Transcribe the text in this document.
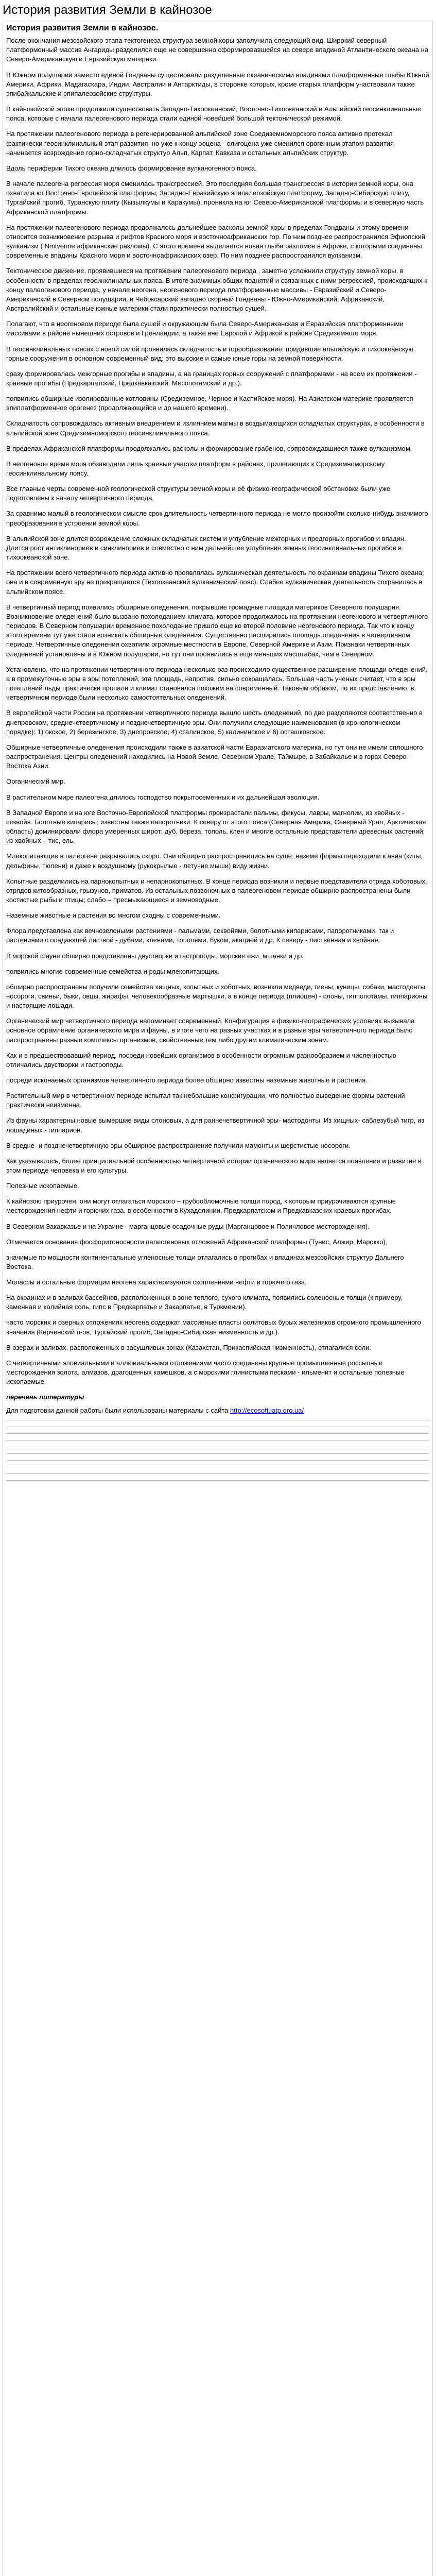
История развития Земли в кайнозое
История развития Земли в кайнозое.

После окончания мезозойского этапа тектогенеза структура земной коры заполучила следующий вид. Широкий северный платформенный массив Ангариды разделился еще не совершенно сформировавшейся на севере впадиной Атлантического океана на Северо-Американскую и Евразийскую материки.

В Южном полушарии заместо единой Гондваны существовали разделенные океаническими впадинами платформенные глыбы Южной Америки, Африки, Мадагаскара, Индии, Австралии и Антарктиды, в сторонке которых, кроме старых платформ участвовали также эпибайкальские и эпипалеозойские структуры.

В кайнозойской эпохе продолжили существовать Западно-Тихоокеанский, Восточно-Тихоокеанский и Альпийский геосинклинальные пояса, которые с начала палеогенового периода стали единой новейшей большой тектонической режимой.

На протяжении палеогенового периода в регенерированной альпийской зоне Средиземноморского пояса активно протекал фактически геосинклинальный этап развития, но уже к концу эоцена - олигоцена уже сменился орогенным этапом развития – начинается возрождение горно-складчатых структур Альп, Карпат, Кавказа и остальных альпийских структур.

Вдоль периферии Тихого океана длилось формирование вулканогенного пояса.

В начале палеогена регрессия моря сменилась трансгрессией. Это последняя большая трансгрессия в истории земной коры, она охватила юг Восточно-Европейской платформы, Западно-Евразийскую эпипалеозойскую платформу, Западно-Сибирскую плиту, Тургайский прогиб, Туранскую плиту (Кызылкумы и Каракумы), проникла на юг Северо-Американской платформы и в северную часть Африканской платформы.

На протяжении палеогенового периода продолжалось дальнейшее расколы земной коры в пределах Гондваны и этому времени относится возникновение разрыва и рифтов Красного моря и восточноафриканских гор. По ним позднее распространился Эфиопский вулканизм ( Nmtvenne африканские разломы). С этого времени выделяется новая глыба разломов в Африке, с которыми соединены современные впадины Красного моря и восточноафриканских озер. По ним позднее распространился вулканизм.

Тектоническое движение, проявившиеся на протяжении палеогенового периода , заметно усложнили структуру земной коры, в особенности в пределах геосинклинальных пояса. В итоге значимых общих поднятий и связанных с ними регрессией, происходящих к концу палеогенового периода, у начале неогена, неогенового периода платформенные массивы - Евразийский и Северо-Американский в Северном полушарии, и Чебоксарский западно скорный Гондваны - Южно-Американский, Африканский, Австралийский и остальные южные материки стали практически полностью сушей.

Полагают, что в неогеновом периоде была сушей и окружающим была Северо-Американская и Евразийская платформенными массивами в районе нынешних островов и Гренландии, а также вне Европой и Африкой в районе Средиземного моря.

В геосинклинальных поясах с новой силой проявилась складчатость и горообразование, придавшие альпийскую и тихоокеанскую горные сооружения в основном современный вид; это высокие и самые юные горы на земной поверхности.

сразу формировалась межгорные прогибы и впадины, а на границах горных сооружений с платформами - на всем их протяжении - краевые прогибы (Предкарпатский, Предкавказский, Месопотамский и др.).

появились обширные изолированные котловины (Средиземное, Черное и Каспийское моря). На Азиатском материке проявляется эпиплатформенное орогенез (продолжающийся и до нашего времени).

Складчатость сопровождалась активным внедрением и излиянием магмы в воздымающихся складчатых структурах, в особенности в альпийской зоне Средиземноморского геосинклинального пояса.

В пределах Африканской платформы продолжались расколы и формирование грабенов, сопровождавшиеся также вулканизмом.

В неогеновое время моря обзаводили лишь краевые участки платформ в районах, прилегающих к Средиземноморскому геосинклинальному поясу.

Все главные черты современной геологической структуры земной коры и её физико-географической обстановки были уже подготовлены к началу четвертичного периода.

За сравнимо малый в геологическом смысле срок длительность четвертичного периода не могло произойти сколько-нибудь значимого преобразования в устроении земной коры.

В альпийской зоне длится возрождение сложных складчатых систем и углубление межгорных и предгорных прогибов и впадин. Длится рост антиклинориев и синклинориев и совместно с ним дальнейшее углубление земных геосинклинальных прогибов в тихоокеанской зоне.

На протяжении всего четвертичного периода активно проявлялась вулканическая деятельность по окраинам впадины Тихого океана; она и в современную эру не прекращается (Тихоокеанский вулканический пояс). Слабее вулканическая деятельность сохранилась в альпийском поясе.

В четвертичный период появились обширные оледенения, покрывшие громадные площади материков Северного полушария. Возникновение оледенений было вызвано похолоданием климата, которое продолжалось на протяжении неогенового и четвертичного периодов. В Северном полушарии временное похолодание пришло еще ко второй половине неогенового периода. Так что к концу этого времени тут уже стали возникать обширные оледенения. Существенно расширились площадь оледенения в четвертичном периоде. Четвертичные оледенения охватили огромные местности в Европе, Северной Америке и Азии. Признаки четвертичных оледенений установлены и в Южном полушарии, но тут они проявились в еще меньших масштабах, чем в Северном.

Установлено, что на протяжении четвертичного периода несколько раз происходило существенное расширение площади оледенений, а в промежуточные эры в эры потеплений, эта площадь, напротив, сильно сокращалась. Большая часть ученых считает, что в эры потеплений льды практически пропали и климат становился похожим на современный. Таковым образом, по их представлению, в четвертичном периоде были несколько самостоятельных оледенений.

В европейской части России на протяжении четвертичного периода вышло шесть оледенений, по две разделяются соответственно в днепровском, среднечетвертичному и позднечетвертичную эры. Они получили следующие наименования (в хронологическом порядке): 1) окское, 2) березинское, 3) днепровское, 4) сталинское, 5) калининское и 6) осташковское.

Обширные четвертичные оледенения происходили также в азиатской части Евразиатского материка, но тут они не имели сплошного распространения. Центры оледенений находились на Новой Земле, Северном Урале, Таймыре, в Забайкалье и в горах Северо-Востока Азии.

Органический мир.

В растительном мире палеогена длилось господство покрытосеменных и их дальнейшая эволюция.

В Западной Европе и на юге Восточно-Европейской платформы произрастали пальмы, фикусы, лавры, магнолии, из хвойных - секвойя. Болотные кипарисы; известны также папоротники. К северу от этого пояса (Северная Америка, Северный Урал, Арктическая область) доминировали флора умеренных широт: дуб, береза, тополь, клен и многие остальные представители древесных растений; из хвойных – тис, ель.

Млекопитающие в палеогене разрывались скоро. Они обширно распространились на суше; наземе формы переходили к авиа (киты, дельфины, тюлени) и даже к воздушному (рукокрылые - летучие мыши) виду жизни.

Копытные разделились на парнокопытных и непарнокопытных. В конце периода возникли и первые представители отряда хоботовых, отрядов китообразных, грызунов, приматов. Из остальных позвоночных в палеогеновом периоде обширно распространены были костистые рыбы и птицы; слабо – пресмыкающиеся и земноводные.

Наземные животные и растения во многом сходны с современными.

Флора представлена как вечнозелеными растениями - пальмами, секвойями, болотными кипарисами, папоротниками, так и растениями с опадающей листвой - дубами, кленами, тополями, буком, акацией и др. К северу - лиственная и хвойная.

В морской фауне обширно представлены двустворки и гастроподы, морские ежи, мшанки и др.

появились многие современные семейства и роды млекопитающих.

обширно распространены получили семейства хищных, копытных и хоботных, возникли медведи, гиены, куницы, собаки, мастодонты, носороги, свиньи, быки, овцы, жирафы, человекообразные мартышки, а в конце периода (плиоцен) - слоны, гиппопотамы, гиппарионы и настоящие лошади.

Органический мир четвертичного периода напоминает современный. Конфигурация в физико-географических условиях вызывала основное обрамление органического мира и фауны, в итоге чего на разных участках и в разные эры четвертичного периода было распространены разные комплексы организмов, свойственные тем либо другим климатическим зонам.

Как и в предшествовавший период, посреди новейших организмов в особенности огромным разнообразием и численностью отличались двустворки и гастроподы.

посреди исконаемых организмов четвертичного периода более обширно известны наземные животные и растения.

Растительный мир в четвертичном периоде испытал так небольшие конфигурации, что полностью выведение формы растений практически неизменна.

Из фауны характерны новые вымершие виды слоновых, а для раннечетвертичной эры- мастодонты. Из хищных- саблезубый тигр, из лошадиных - гиппарион.

В средне- и позднечетвертичную эры обширное распространение получили мамонты и шерстистые носороги.

Как указывалось, более принципиальной особенностью четвертичной истории органического мира является появление и развитие в этом периоде человека и его культуры.

Полезные ископаемые.

К кайнозою приурочен, они могут отлагаться морского – грубообломочные толщи пород, к которым приурочиваются крупные месторождения нефти и горючих газа, в особенности в Кухадолинии, Предкарпатском и Предкавказских краевых прогибах.

В Северном Закавказье и на Украине - марганцовые осадочные руды (Марганцовое и Поличловое месторождения).

Отмечается основания фосфоритоносности палеогеновых отложений Африканской платформы (Тунис, Алжир, Марокко).

значимые по мощности континентальные угленосные толщи отлагались в прогибах и впадинах мезозойских структур Дальнего Востока.

Молассы и остальные формации неогена характеризуются скоплениями нефти и горючего газа.

На окраинах и в заливах бассейнов, расположенных в зоне теплого, сухого климата, появились соленосные толщи (к примеру, каменная и калийная соль, гипс в Предкарпатье и Закарпатье, в Туркмении).

часто морских и озерных отложениях неогена содержат массивные пласты оолитовых бурых железняков огромного промышленного значения (Керченский п-ов, Тургайский прогиб, Западно-Сибирская низменность и др.).

В озерах и заливах, расположенных в засушливых зонах (Казахстан, Прикаспийская низменность), отлагалися соли.

С четвертичными эловиальными и аллювиальными отложениями часто соединены крупные промышленные россыпные месторождения золота, алмазов, драгоценных камешков, а с морскими глинистыми песками - ильменит и остальные полезные ископаемые.

перечень литературы
Для подготовки данной работы были использованы материалы с сайта http://ecosoft.iatp.org.ua/
